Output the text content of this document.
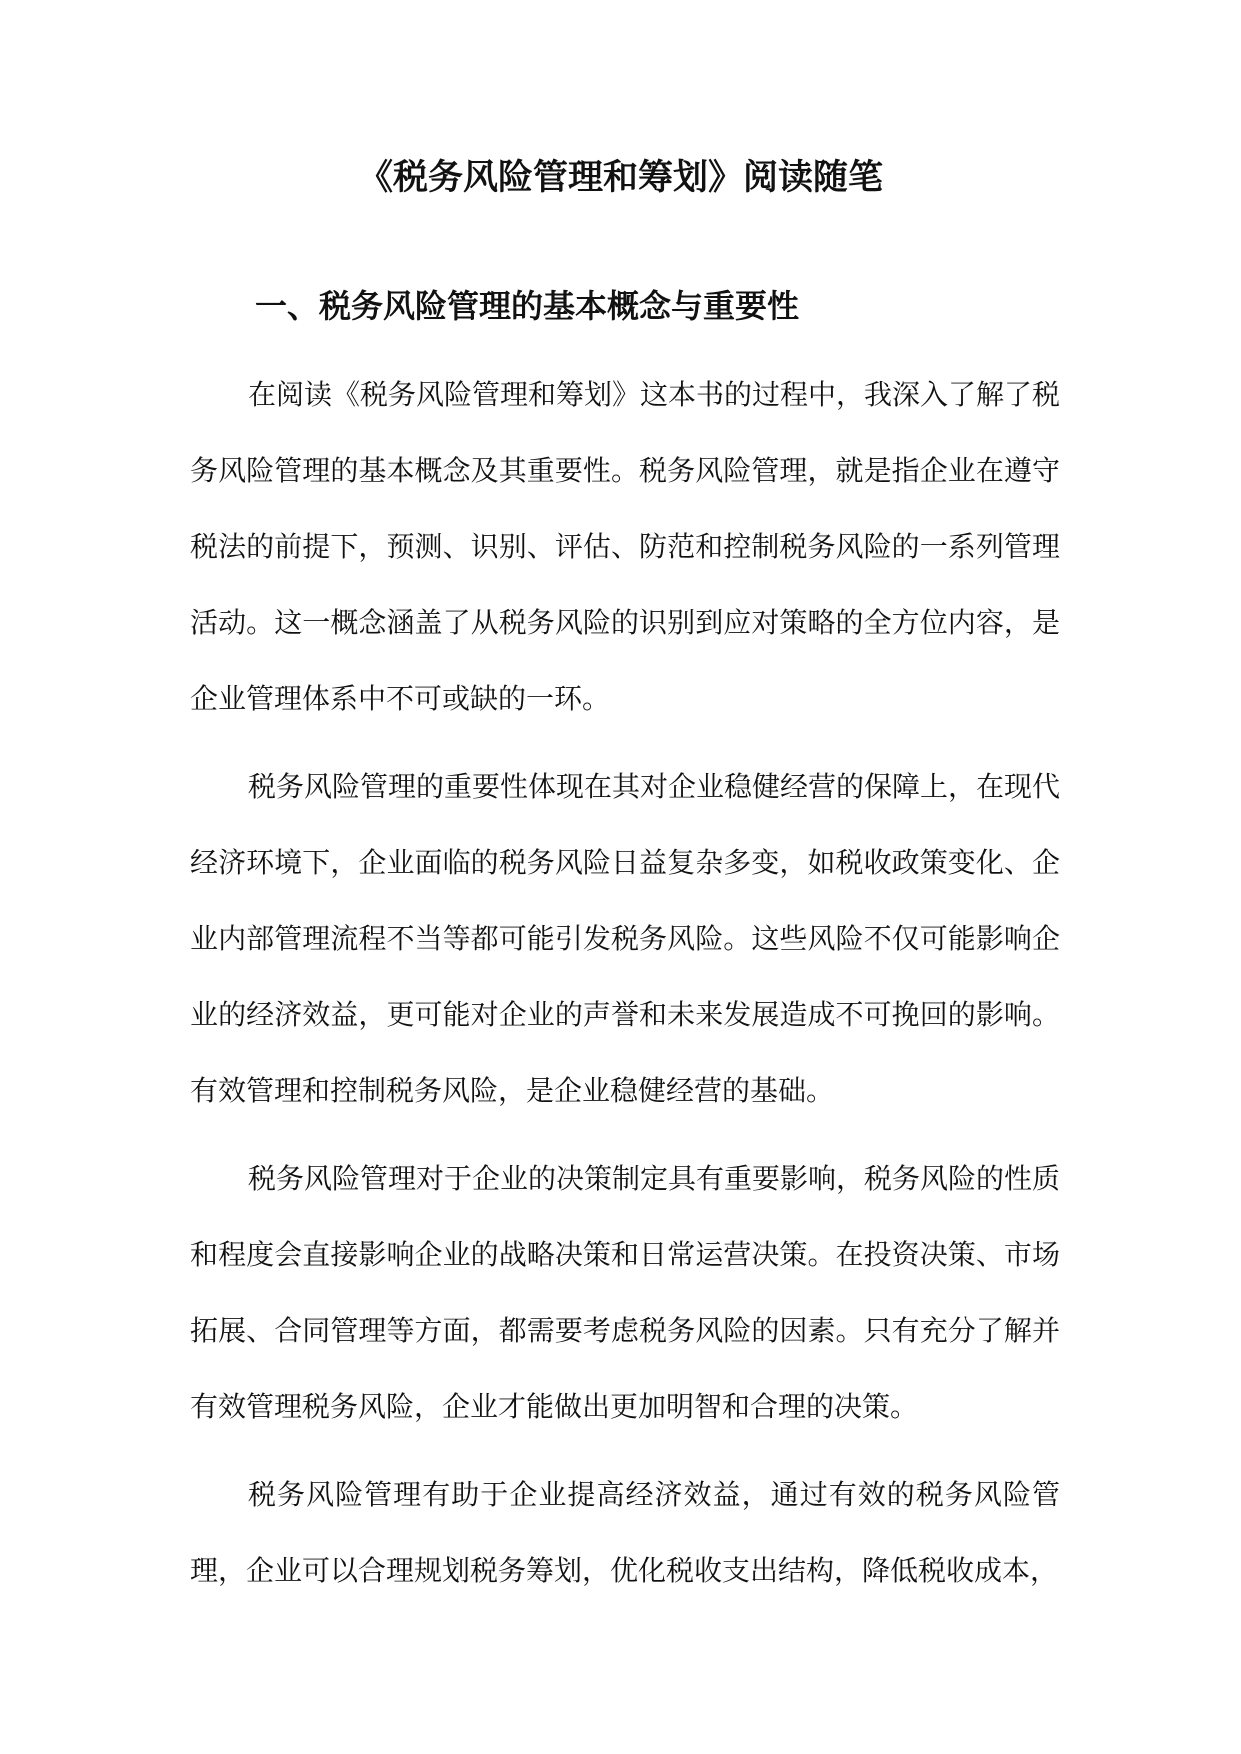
《税务风险管理和筹划》阅读随笔
一、税务风险管理的基本概念与重要性

在阅读《税务风险管理和筹划》这本书的过程中，我深入了解了税务风险管理的基本概念及其重要性。税务风险管理，就是指企业在遵守税法的前提下，预测、识别、评估、防范和控制税务风险的一系列管理活动。这一概念涵盖了从税务风险的识别到应对策略的全方位内容，是企业管理体系中不可或缺的一环。

税务风险管理的重要性体现在其对企业稳健经营的保障上，在现代经济环境下，企业面临的税务风险日益复杂多变，如税收政策变化、企业内部管理流程不当等都可能引发税务风险。这些风险不仅可能影响企业的经济效益，更可能对企业的声誉和未来发展造成不可挽回的影响。有效管理和控制税务风险，是企业稳健经营的基础。

税务风险管理对于企业的决策制定具有重要影响，税务风险的性质和程度会直接影响企业的战略决策和日常运营决策。在投资决策、市场拓展、合同管理等方面，都需要考虑税务风险的因素。只有充分了解并有效管理税务风险，企业才能做出更加明智和合理的决策。

税务风险管理有助于企业提高经济效益，通过有效的税务风险管理，企业可以合理规划税务筹划，优化税收支出结构，降低税收成本，
